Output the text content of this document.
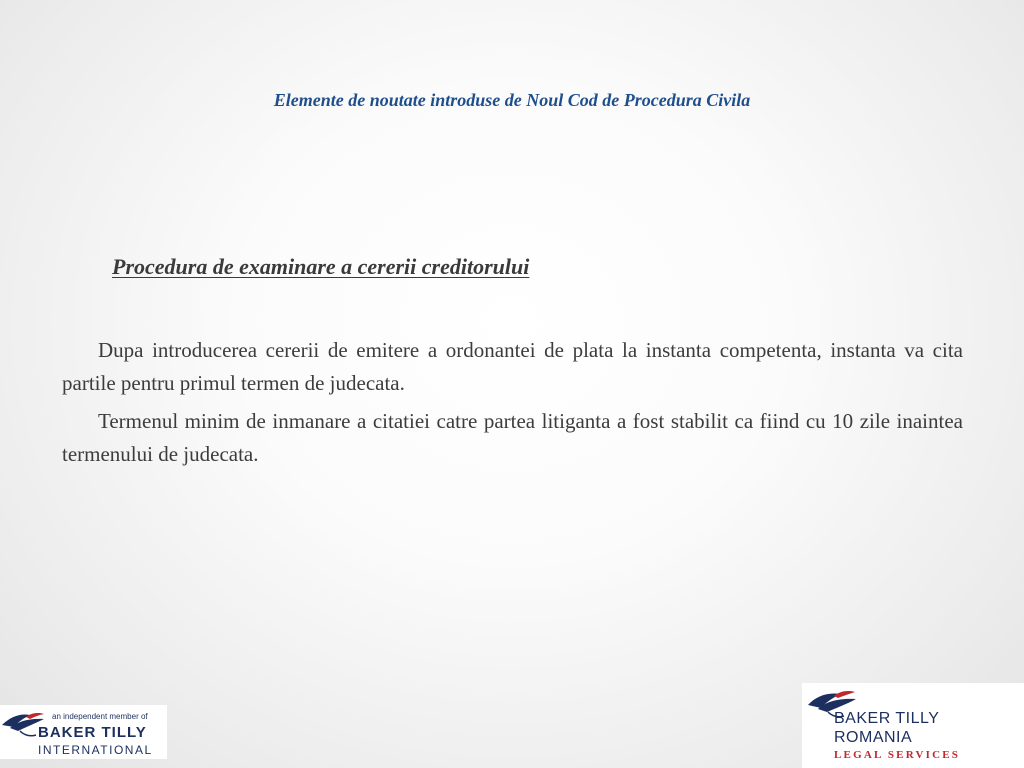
Elemente de noutate introduse de Noul Cod de Procedura Civila
Procedura de examinare a cererii creditorului

Dupa introducerea cererii de emitere a ordonantei de plata la instanta competenta, instanta va cita partile pentru primul termen de judecata.

Termenul minim de inmanare a citatiei catre partea litiganta a fost stabilit ca fiind cu 10 zile inaintea termenului de judecata.

an independent member of
BAKER TILLY
INTERNATIONAL
BAKER TILLY
ROMANIA
LEGAL SERVICES
